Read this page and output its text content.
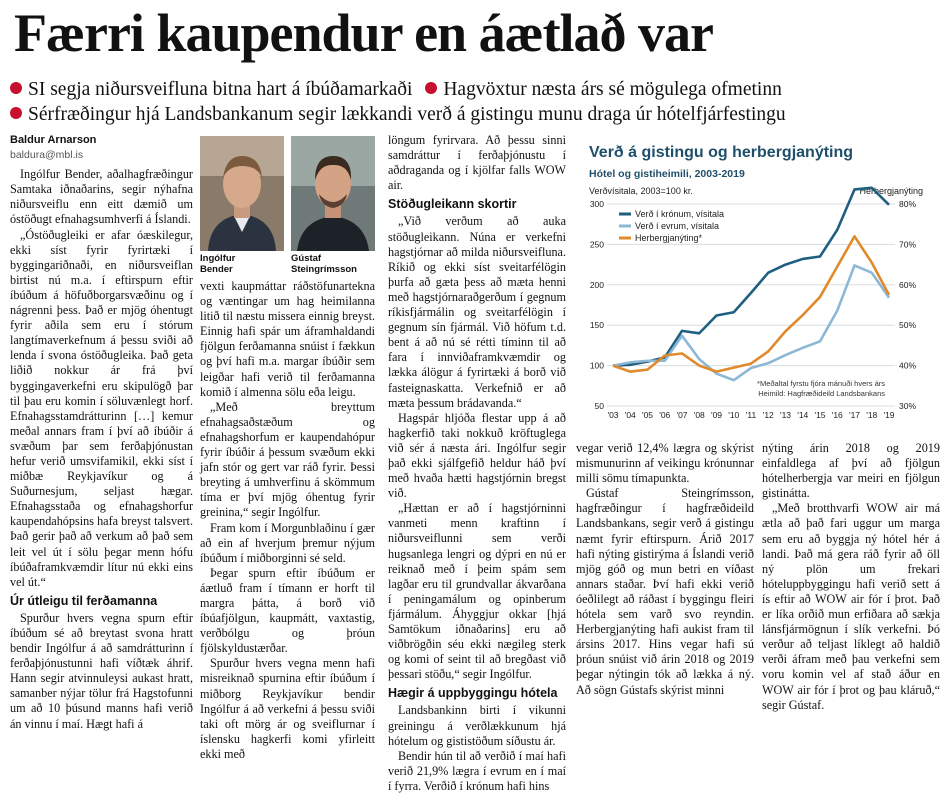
Færri kaupendur en áætlað var
SI segja niðursveifluna bitna hart á íbúðamarkaði Hagvöxtur næsta árs sé mögulega ofmetinn
Sérfræðingur hjá Landsbankanum segir lækkandi verð á gistingu munu draga úr hótelfjárfestingu
Baldur Arnarson
baldura@mbl.is

Ingólfur Bender, aðalhagfræðingur Samtaka iðnaðarins, segir nýhafna niðursveiflu enn eitt dæmið um óstöðugt efnahagsumhverfi á Íslandi.

„Óstöðugleiki er afar óæskilegur, ekki síst fyrir fyrirtæki í byggingariðnaði, en niðursveiflan birtist nú m.a. í eftirspurn eftir íbúðum á höfuðborgarsvæðinu og í nágrenni þess. Það er mjög óhentugt fyrir aðila sem eru í stórum langtímaverkefnum á þessu sviði að lenda í svona óstöðugleika. Það geta liðið nokkur ár frá því byggingaverkefni eru skipulögð þar til þau eru komin í söluvænlegt horf. Efnahagsstamdrátturinn […] kemur meðal annars fram í því að íbúðir á svæðum þar sem ferðaþjónustan hefur verið umsvifamikil, ekki síst í miðbæ Reykjavíkur og á Suðurnesjum, seljast hægar. Efnahagsstaða og efnahagshorfur kaupendahópsins hafa breyst talsvert. Það gerir það að verkum að það sem leit vel út í sölu þegar menn hófu íbúðaframkvæmdir lítur nú ekki eins vel út.“

Úr útleigu til ferðamanna

Spurður hvers vegna spurn eftir íbúðum sé að breytast svona hratt bendir Ingólfur á að samdrátturinn í ferðaþjónustunni hafi víðtæk áhrif. Hann segir atvinnuleysi aukast hratt, samanber nýjar tölur frá Hagstofunni um að 10 þúsund manns hafi verið án vinnu í maí. Hægt hafi á

Ingólfur
Bender
Gústaf
Steingrímsson

vexti kaupmáttar ráðstöfunartekna og væntingar um hag heimilanna litið til næstu missera einnig breyst. Einnig hafi spár um áframhaldandi fjölgun ferðamanna snúist í fækkun og því hafi m.a. margar íbúðir sem leigðar hafi verið til ferðamanna komið í almenna sölu eða leigu.

„Með breyttum efnahagsaðstæðum og efnahagshorfum er kaupendahópur fyrir íbúðir á þessum svæðum ekki jafn stór og gert var ráð fyrir. Þessi breyting á umhverfinu á skömmum tíma er því mjög óhentug fyrir greinina,“ segir Ingólfur.

Fram kom í Morgunblaðinu í gær að ein af hverjum þremur nýjum íbúðum í miðborginni sé seld.

Þegar spurn eftir íbúðum er áætluð fram í tímann er horft til margra þátta, á borð við íbúafjölgun, kaupmátt, vaxtastig, verðbólgu og þróun fjölskyldustærðar.

Spurður hvers vegna menn hafi misreiknað spurnina eftir íbúðum í miðborg Reykjavíkur bendir Ingólfur á að verkefni á þessu sviði taki oft mörg ár og sveiflurnar í íslensku hagkerfi komi yfirleitt ekki með

löngum fyrirvara. Að þessu sinni samdráttur í ferðaþjónustu í aðdraganda og í kjölfar falls WOW air.

Stöðugleikann skortir

„Við verðum að auka stöðugleikann. Núna er verkefni hagstjórnar að milda niðursveifluna. Ríkið og ekki síst sveitarfélögin þurfa að gæta þess að mæta henni með hagstjórnaraðgerðum í gegnum ríkisfjármálin og sveitarfélögin í gegnum sín fjármál. Við höfum t.d. bent á að nú sé rétti tíminn til að fara í innviðaframkvæmdir og lækka álögur á fyrirtæki á borð við fasteignaskatta. Verkefnið er að mæta þessum brádavanda.“

Hagspár hljóða flestar upp á að hagkerfið taki nokkuð kröftuglega við sér á næsta ári. Ingólfur segir það ekki sjálfgefið heldur háð því með hvaða hætti hagstjórnin bregst við.

„Hættan er að í hagstjórninni vanmeti menn kraftinn í niðursveiflunni sem verði hugsanlega lengri og dýpri en nú er reiknað með í þeim spám sem lagðar eru til grundvallar ákvarðana í peningamálum og opinberum fjármálum. Áhyggjur okkar [hjá Samtökum iðnaðarins] eru að viðbrögðin séu ekki nægileg sterk og komi of seint til að bregðast við þessari stöðu,“ segir Ingólfur.

Hægir á uppbyggingu hótela

Landsbankinn birti í vikunni greiningu á verðlækkunum hjá hótelum og gististöðum síðustu ár.

Bendir hún til að verðið í maí hafi verið 21,9% lægra í evrum en í maí í fyrra. Verðið í krónum hafi hins

Verð á gistingu og herbergjanýting
Hótel og gistiheimili, 2003-2019
Verðvísitala, 2003=100 kr.	Herbergjanýting
50	30%
100	40%
150	50%
200	60%
250	70%
300	80%
'03 '04 '05 '06 '07 '08 '09 '10 '11 '12 '13 '14 '15 '16 '17 '18 '19
Verð í krónum, vísitala
Verð í evrum, vísitala
Herbergjanýting*
*Meðaltal fyrstu fjóra mánuði hvers árs
Heimild: Hagfræðideild Landsbankans

vegar verið 12,4% lægra og skýrist mismunurinn af veikingu krónunnar milli sömu tímapunkta.

Gústaf Steingrímsson, hagfræðingur í hagfræðideild Landsbankans, segir verð á gistingu næmt fyrir eftirspurn. Árið 2017 hafi nýting gistirýma á Íslandi verið mjög góð og mun betri en víðast annars staðar. Því hafi ekki verið óeðlilegt að ráðast í byggingu fleiri hótela sem varð svo reyndin. Herbergjanýting hafi aukist fram til ársins 2017. Hins vegar hafi sú þróun snúist við árin 2018 og 2019 þegar nýtingin tók að lækka á ný. Að sögn Gústafs skýrist minni

nýting árin 2018 og 2019 einfaldlega af því að fjölgun hótelherbergja var meiri en fjölgun gistinátta.

„Með brotthvarfi WOW air má ætla að það fari uggur um marga sem eru að byggja ný hótel hér á landi. Það má gera ráð fyrir að öll ný plön um frekari hóteluppbyggingu hafi verið sett á ís eftir að WOW air fór í þrot. Það er líka orðið mun erfiðara að sækja lánsfjármögnun í slík verkefni. Þó verður að teljast líklegt að haldið verði áfram með þau verkefni sem voru komin vel af stað áður en WOW air fór í þrot og þau kláruð,“ segir Gústaf.
